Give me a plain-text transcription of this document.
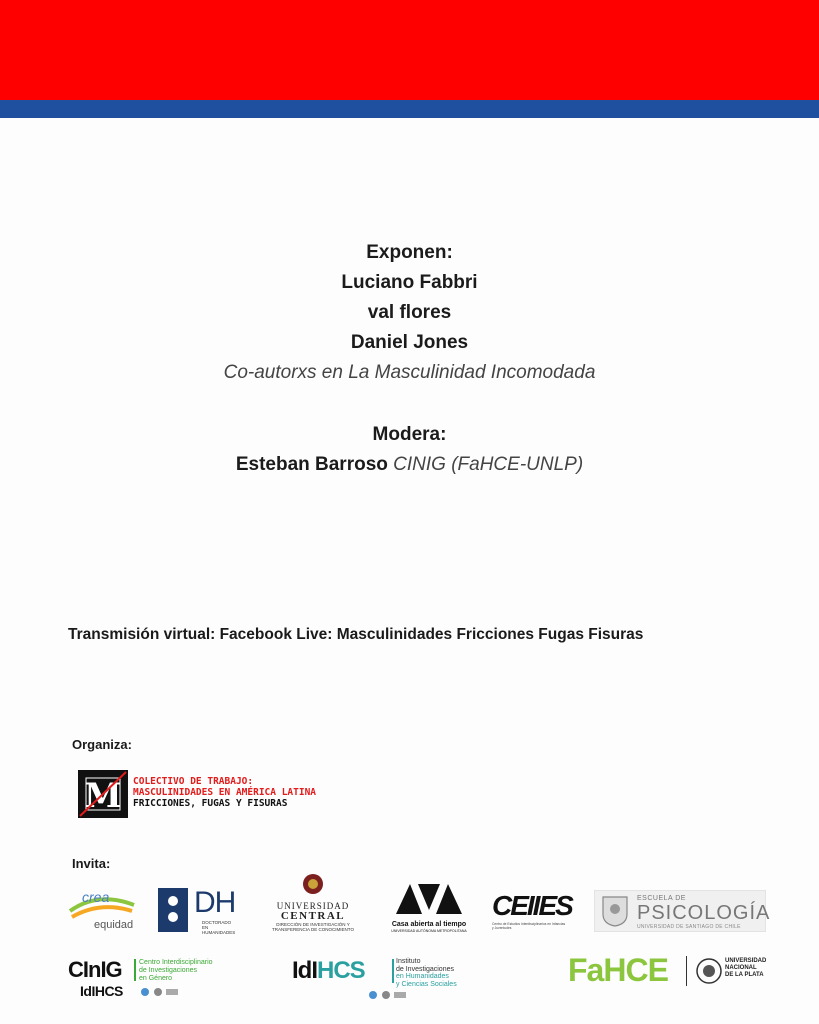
Exponen:
Luciano Fabbri
val flores
Daniel Jones
Co-autorxs en La Masculinidad Incomodada
Modera:
Esteban Barroso CINIG (FaHCE-UNLP)
Transmisión virtual: Facebook Live: Masculinidades Fricciones Fugas Fisuras
Organiza:
M COLECTIVO DE TRABAJO:
MASCULINIDADES EN AMÉRICA LATINA
FRICCIONES, FUGAS Y FISURAS
Invita:
crea
equidad
DH
DOCTORADO EN
HUMANIDADES
UNIVERSIDAD
CENTRAL
DIRECCIÓN DE INVESTIGACIÓN Y
TRANSFERENCIA DE CONOCIMIENTO
Casa abierta al tiempo
UNIVERSIDAD AUTÓNOMA METROPOLITANA
CEIIES
Centro de Estudios Interdisciplinarios en Infancias y Juventudes
ESCUELA DE
PSICOLOGÍA
UNIVERSIDAD DE SANTIAGO DE CHILE
CInIG
IdIHCS
Centro Interdisciplinario
de Investigaciones
en Género	IdIHCS	Instituto
de Investigaciones
en Humanidades
y Ciencias Sociales	FaHCE	UNIVERSIDAD
NACIONAL
DE LA PLATA
